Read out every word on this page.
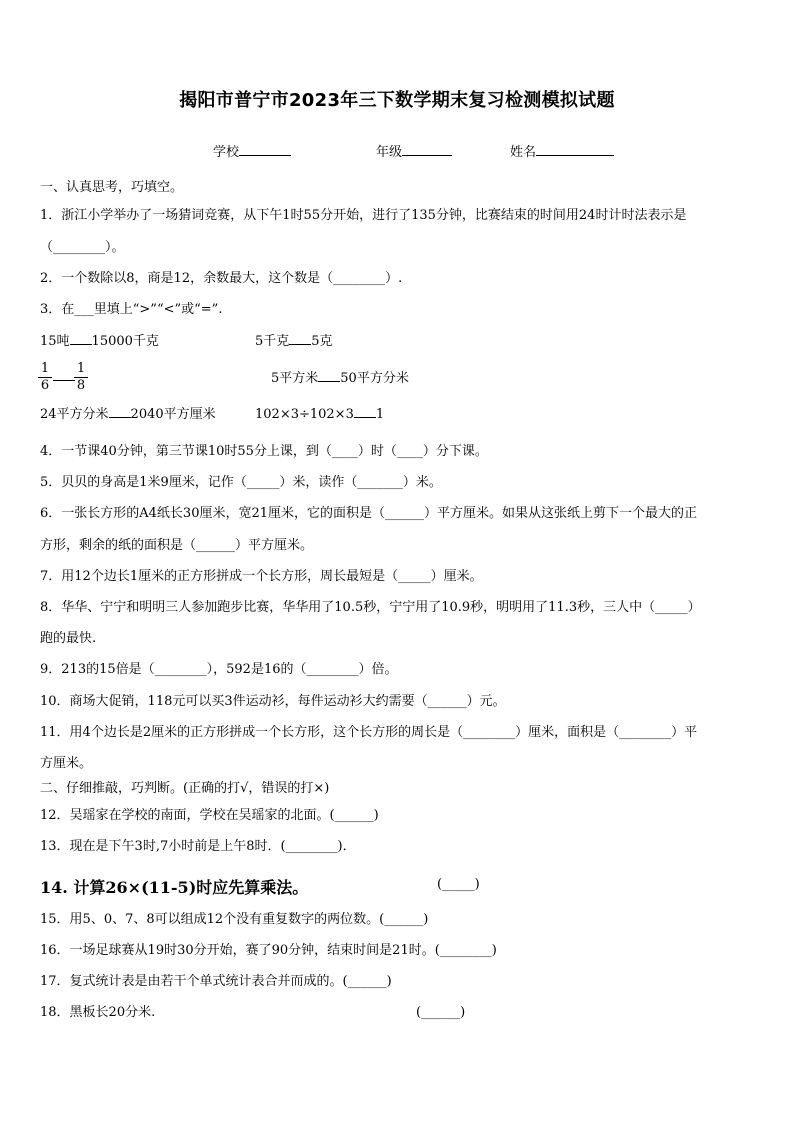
揭阳市普宁市2023年三下数学期末复习检测模拟试题
学校	年级	姓名
一、认真思考，巧填空。
1．浙江小学举办了一场猜词竞赛，从下午1时55分开始，进行了135分钟，比赛结束的时间用24时计时法表示是
（________）。
2．一个数除以8，商是12，余数最大，这个数是（________）.
3．在___里填上“>”“<”或“=”.
15吨 15000千克	5千克 5克
$\frac{1}{6} \frac{1}{8}$	5平方米 50平方分米
24平方分米 2040平方厘米	102×3÷102×3 1
4．一节课40分钟，第三节课10时55分上课，到（____）时（____）分下课。
5．贝贝的身高是1米9厘米，记作（_____）米，读作（_______）米。
6．一张长方形的A4纸长30厘米，宽21厘米，它的面积是（______）平方厘米。如果从这张纸上剪下一个最大的正
方形，剩余的纸的面积是（______）平方厘米。
7．用12个边长1厘米的正方形拼成一个长方形，周长最短是（_____）厘米。
8．华华、宁宁和明明三人参加跑步比赛，华华用了10.5秒，宁宁用了10.9秒，明明用了11.3秒，三人中（_____）
跑的最快.
9．213的15倍是（________），592是16的（________）倍。
10．商场大促销，118元可以买3件运动衫，每件运动衫大约需要（______）元。
11．用4个边长是2厘米的正方形拼成一个长方形，这个长方形的周长是（________）厘米，面积是（________）平
方厘米。
二、仔细推敲，巧判断。(正确的打√，错误的打×)
12．吴瑶家在学校的南面，学校在吴瑶家的北面。(______)
13．现在是下午3时,7小时前是上午8时．(________)．
14. 计算26×(11-5)时应先算乘法。	(_____)
15．用5、0、7、8可以组成12个没有重复数字的两位数。(______)
16．一场足球赛从19时30分开始，赛了90分钟，结束时间是21时。(________)
17．复式统计表是由若干个单式统计表合并而成的。(______)
18．黑板长20分米.	(______)
